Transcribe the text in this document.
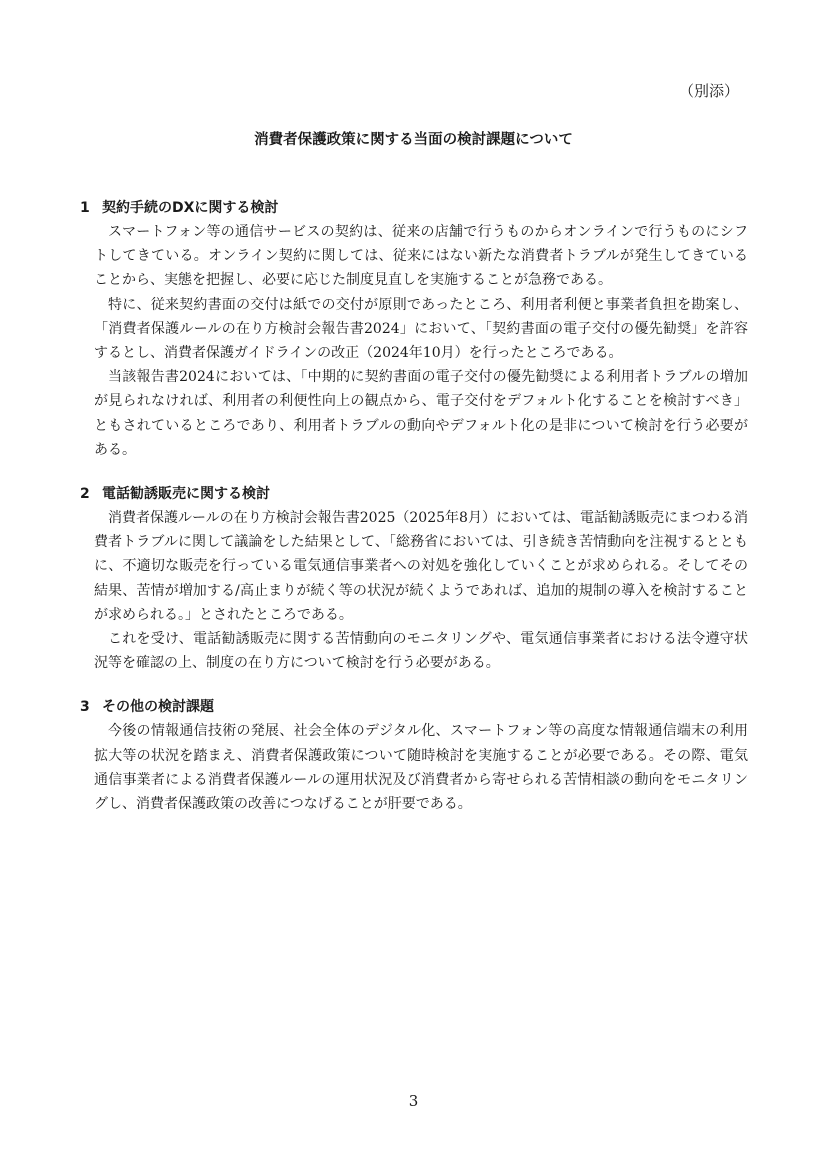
（別添）
消費者保護政策に関する当面の検討課題について
1 契約手続のDXに関する検討

スマートフォン等の通信サービスの契約は、従来の店舗で行うものからオンラインで行うものにシフトしてきている。オンライン契約に関しては、従来にはない新たな消費者トラブルが発生してきていることから、実態を把握し、必要に応じた制度見直しを実施することが急務である。

特に、従来契約書面の交付は紙での交付が原則であったところ、利用者利便と事業者負担を勘案し、「消費者保護ルールの在り方検討会報告書2024」において、「契約書面の電子交付の優先勧奨」を許容するとし、消費者保護ガイドラインの改正（2024年10月）を行ったところである。

当該報告書2024においては、「中期的に契約書面の電子交付の優先勧奨による利用者トラブルの増加が見られなければ、利用者の利便性向上の観点から、電子交付をデフォルト化することを検討すべき」ともされているところであり、利用者トラブルの動向やデフォルト化の是非について検討を行う必要がある。

2 電話勧誘販売に関する検討

消費者保護ルールの在り方検討会報告書2025（2025年8月）においては、電話勧誘販売にまつわる消費者トラブルに関して議論をした結果として、「総務省においては、引き続き苦情動向を注視するとともに、不適切な販売を行っている電気通信事業者への対処を強化していくことが求められる。そしてその結果、苦情が増加する/高止まりが続く等の状況が続くようであれば、追加的規制の導入を検討することが求められる。」とされたところである。

これを受け、電話勧誘販売に関する苦情動向のモニタリングや、電気通信事業者における法令遵守状況等を確認の上、制度の在り方について検討を行う必要がある。

3 その他の検討課題

今後の情報通信技術の発展、社会全体のデジタル化、スマートフォン等の高度な情報通信端末の利用拡大等の状況を踏まえ、消費者保護政策について随時検討を実施することが必要である。その際、電気通信事業者による消費者保護ルールの運用状況及び消費者から寄せられる苦情相談の動向をモニタリングし、消費者保護政策の改善につなげることが肝要である。

3
